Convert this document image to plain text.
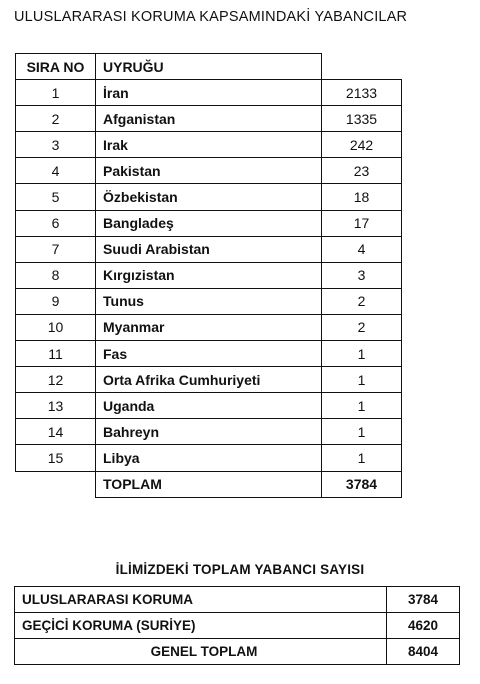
ULUSLARARASI KORUMA KAPSAMINDAKİ YABANCILAR
SIRA NO	UYRUĞU	
1	İran	2133
2	Afganistan	1335
3	Irak	242
4	Pakistan	23
5	Özbekistan	18
6	Bangladeş	17
7	Suudi Arabistan	4
8	Kırgızistan	3
9	Tunus	2
10	Myanmar	2
11	Fas	1
12	Orta Afrika Cumhuriyeti	1
13	Uganda	1
14	Bahreyn	1
15	Libya	1
	TOPLAM	3784
İLİMİZDEKİ TOPLAM YABANCI SAYISI
ULUSLARARASI KORUMA	3784
GEÇİCİ KORUMA (SURİYE)	4620
GENEL TOPLAM	8404
